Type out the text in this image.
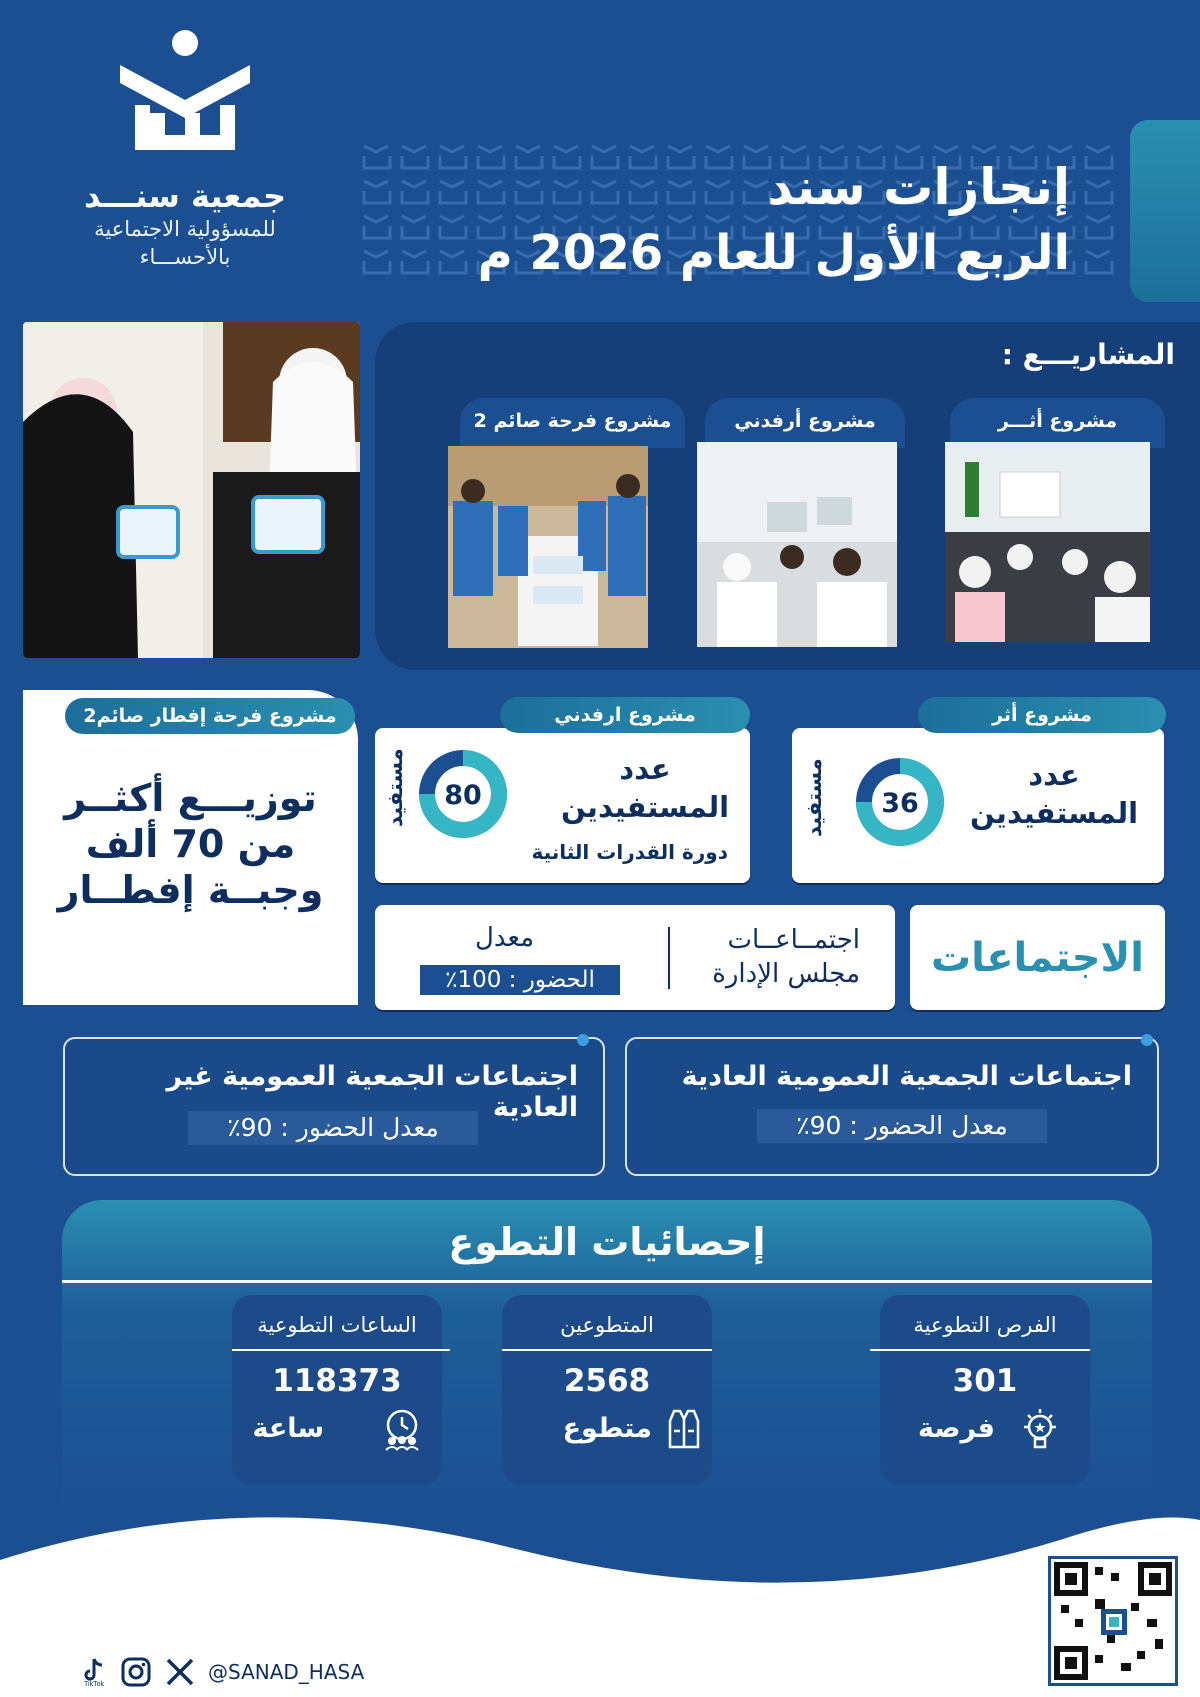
جمعية سنـــد
للمسؤولية الاجتماعية
بالأحســـاء
إنجازات سند
الربع الأول للعام 2026 م
المشاريـــع :
مشروع أثـــر
مشروع أرفدني
مشروع فرحة صائم 2
توزيـــع أكثــر
من 70 ألف
وجبــة إفطــار
مشروع فرحة إفطار صائم2
عدد
المستفيدين
80
مستفيد
دورة القدرات الثانية
مشروع ارفدني
عدد
المستفيدين
36
مستفيد
مشروع أثر
الاجتماعات
اجتمــاعــات
مجلس الإدارة
معدل
الحضور : 100٪
اجتماعات الجمعية العمومية العادية
معدل الحضور : 90٪
اجتماعات الجمعية العمومية غير العادية
معدل الحضور : 90٪
إحصائيات التطوع
الفرص التطوعية
301
فرصة
المتطوعين
2568
متطوع
الساعات التطوعية
118373
ساعة
TikTok
@SANAD_HASA
